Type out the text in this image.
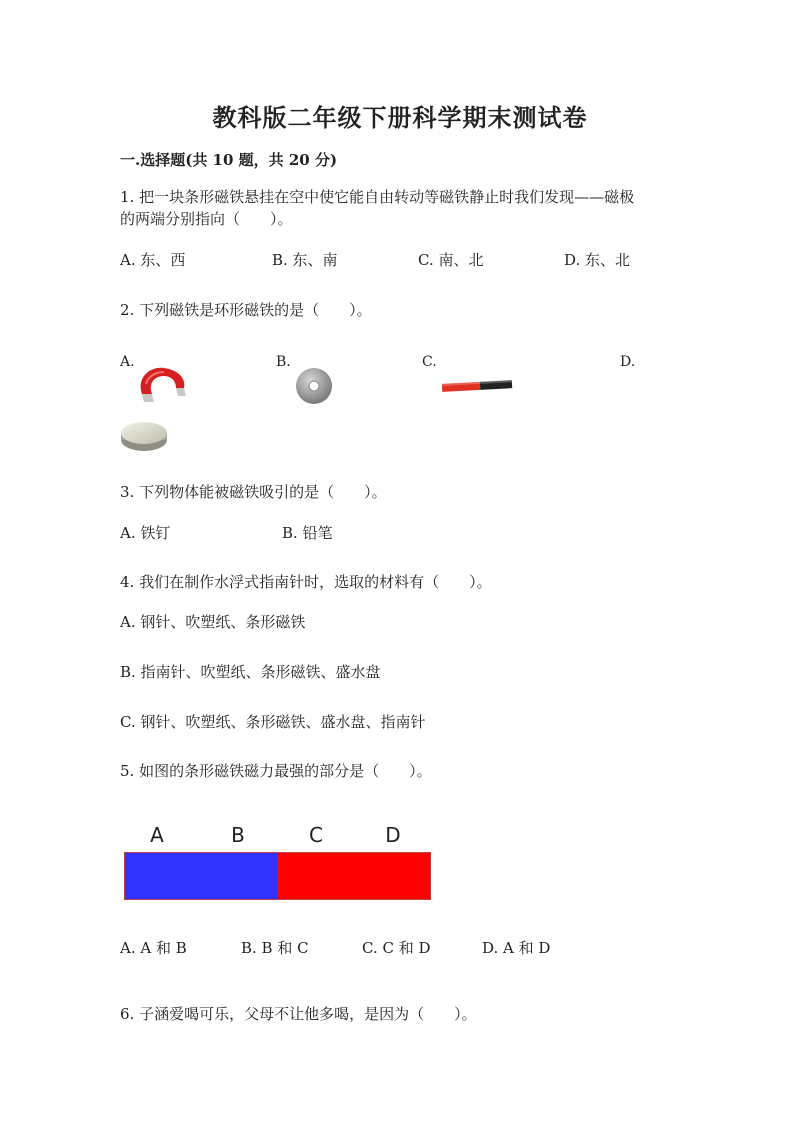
教科版二年级下册科学期末测试卷
一.选择题(共 10 题，共 20 分)
1. 把一块条形磁铁悬挂在空中使它能自由转动等磁铁静止时我们发现——磁极
的两端分别指向（　　）。
A. 东、西	B. 东、南	C. 南、北	D. 东、北
2. 下列磁铁是环形磁铁的是（　　）。
A.	B.	C.	D.
3. 下列物体能被磁铁吸引的是（　　）。
A. 铁钉	B. 铅笔
4. 我们在制作水浮式指南针时，选取的材料有（　　）。
A. 钢针、吹塑纸、条形磁铁
B. 指南针、吹塑纸、条形磁铁、盛水盘
C. 钢针、吹塑纸、条形磁铁、盛水盘、指南针
5. 如图的条形磁铁磁力最强的部分是（　　）。
A	B	C	D
A. A 和 B	B. B 和 C	C. C 和 D	D. A 和 D
6. 子涵爱喝可乐，父母不让他多喝，是因为（　　）。
